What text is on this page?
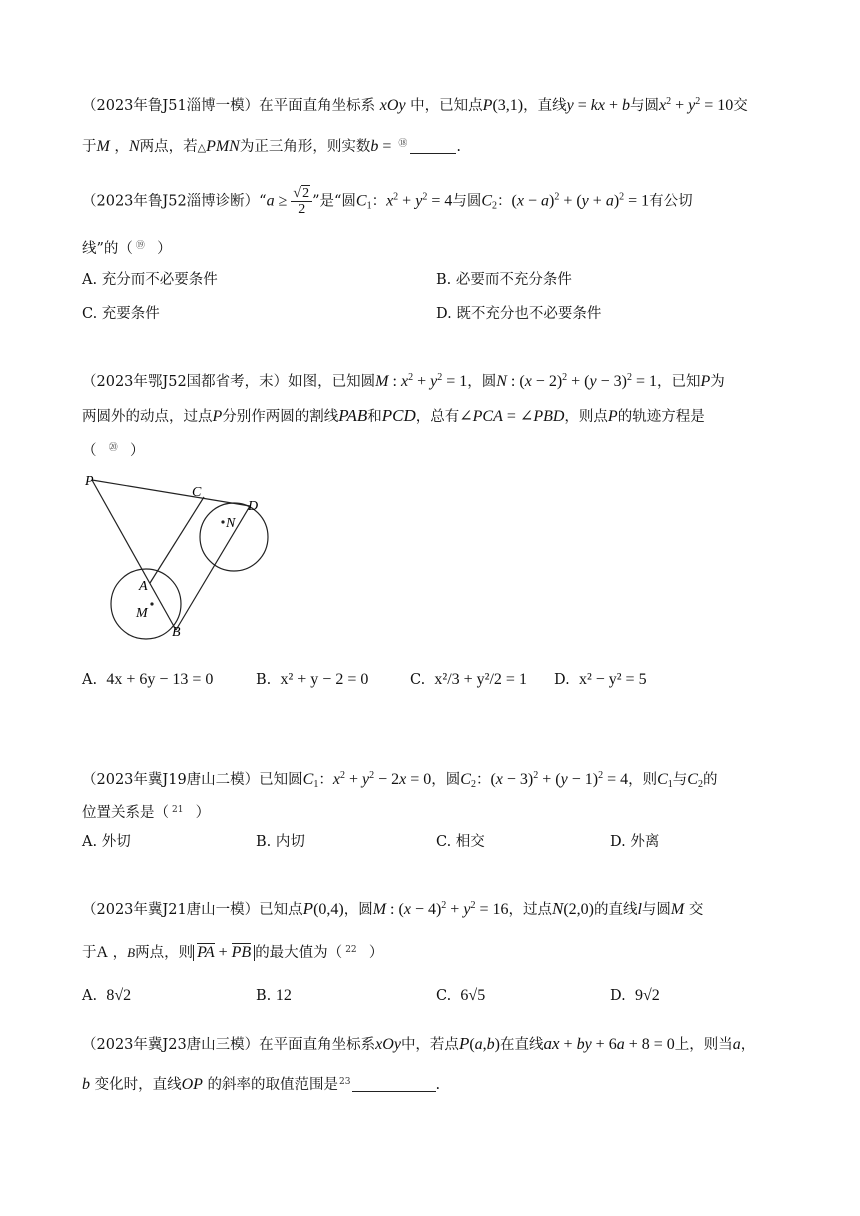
（2023年鲁J51淄博一模）在平面直角坐标系 xOy 中，已知点P(3,1)，直线y = kx + b与圆$x^2 + y^2 = 10$交
于M ，N两点，若△PMN为正三角形，则实数b = ⑱	.
（2023年鲁J52淄博诊断）“a ≥ $\frac{√2}{2}$ ”是“圆$C_1$：$x^2 + y^2 = 4$与圆$C_2$：$(x - a)^2 + (y + a)^2 = 1$有公切
线”的（ ⑲ ）
A. 充分而不必要条件	B. 必要而不充分条件
C. 充要条件	D. 既不充分也不必要条件
（2023年鄂J52国都省考，末）如图，已知圆M : $x^2 + y^2 = 1$，圆N : $(x - 2)^2 + (y - 3)^2 = 1$，已知P为
两圆外的动点，过点P分别作两圆的割线PAB和PCD，总有∠PCA = ∠PBD，则点P的轨迹方程是
（ ⑳ ）
P
C
D
N
A
M
B
A. 4x + 6y − 13 = 0	B. x² + y − 2 = 0	C. x²/3 + y²/2 = 1 D. x² − y² = 5
（2023年冀J19唐山二模）已知圆$C_1$：$x^2 + y^2 - 2x = 0$，圆$C_2$：$(x - 3)^2 + (y - 1)^2 = 4$，则$C_1$与$C_2$的
位置关系是（ $^{21}$ ）
A. 外切	B. 内切	C. 相交	D. 外离
（2023年冀J21唐山一模）已知点P(0,4)，圆M : $(x - 4)^2 + y^2 = 16$，过点N(2,0)的直线l与圆M 交
于A ，B两点，则 PA + PB 的最大值为（ $^{22}$ ）
A. 8√2	B. 12	C. 6√5	D. 9√2
（2023年冀J23唐山三模）在平面直角坐标系xOy中，若点P(a,b)在直线ax + by + 6a + 8 = 0上，则当a，
b 变化时，直线OP 的斜率的取值范围是$^{23}$	.
